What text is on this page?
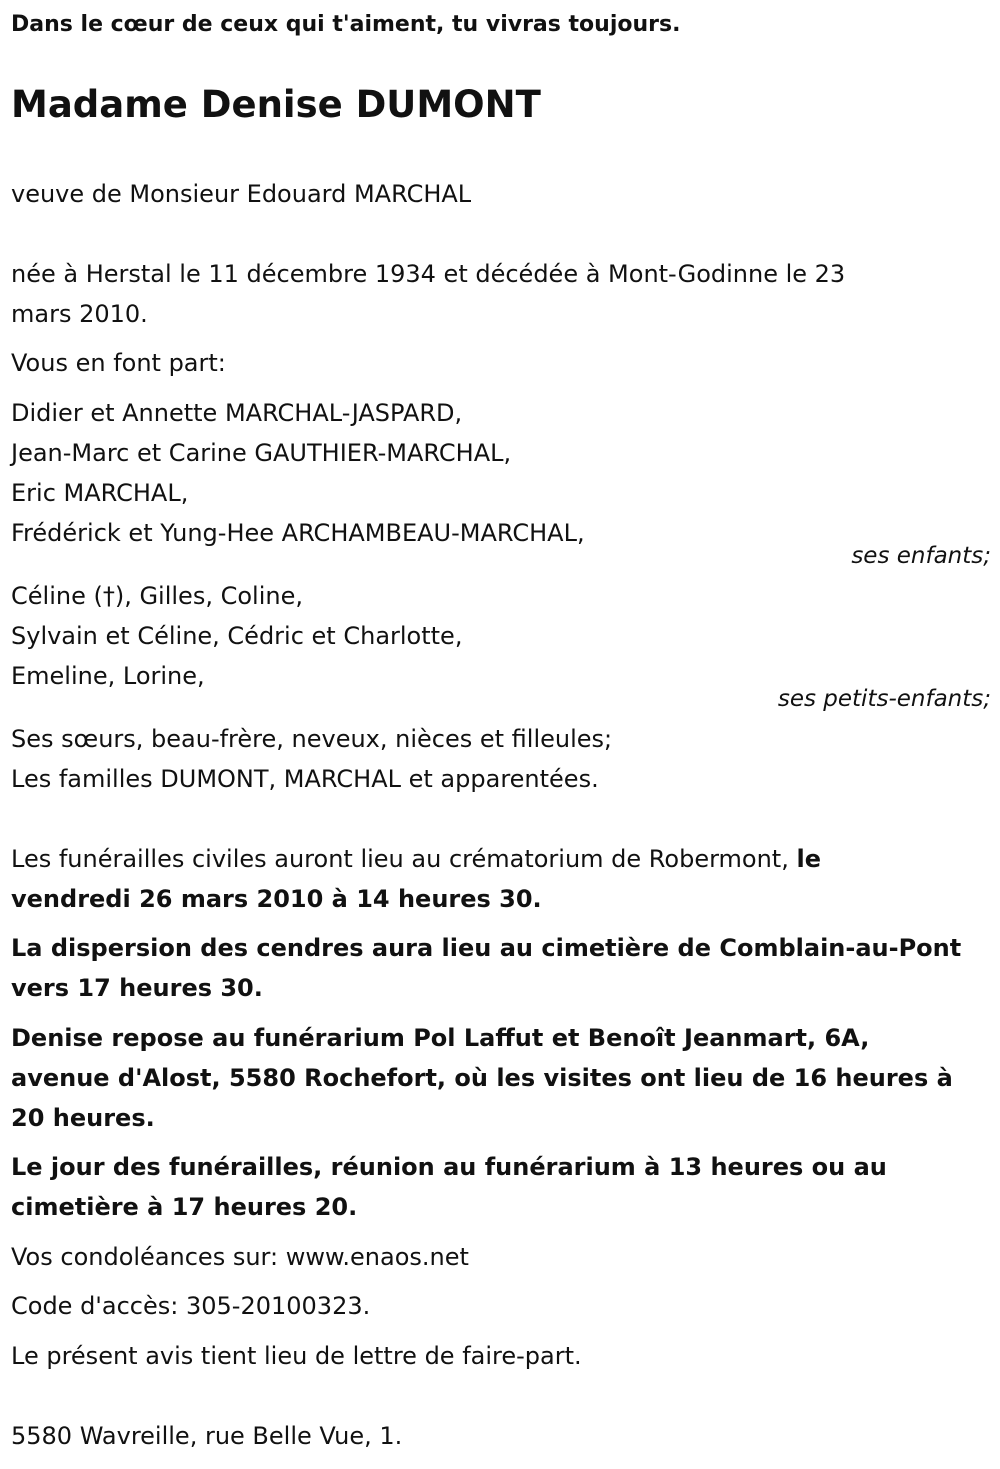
Dans le cœur de ceux qui t'aiment, tu vivras toujours.
Madame Denise DUMONT
veuve de Monsieur Edouard MARCHAL
née à Herstal le 11 décembre 1934 et décédée à Mont-Godinne le 23
mars 2010.
Vous en font part:
Didier et Annette MARCHAL-JASPARD,
Jean-Marc et Carine GAUTHIER-MARCHAL,
Eric MARCHAL,
Frédérick et Yung-Hee ARCHAMBEAU-MARCHAL,
ses enfants;
Céline (†), Gilles, Coline,
Sylvain et Céline, Cédric et Charlotte,
Emeline, Lorine,
ses petits-enfants;
Ses sœurs, beau-frère, neveux, nièces et filleules;
Les familles DUMONT, MARCHAL et apparentées.
Les funérailles civiles auront lieu au crématorium de Robermont, le
vendredi 26 mars 2010 à 14 heures 30.
La dispersion des cendres aura lieu au cimetière de Comblain-au-Pont
vers 17 heures 30.
Denise repose au funérarium Pol Laffut et Benoît Jeanmart, 6A,
avenue d'Alost, 5580 Rochefort, où les visites ont lieu de 16 heures à
20 heures.
Le jour des funérailles, réunion au funérarium à 13 heures ou au
cimetière à 17 heures 20.
Vos condoléances sur: www.enaos.net
Code d'accès: 305-20100323.
Le présent avis tient lieu de lettre de faire-part.
5580 Wavreille, rue Belle Vue, 1.
